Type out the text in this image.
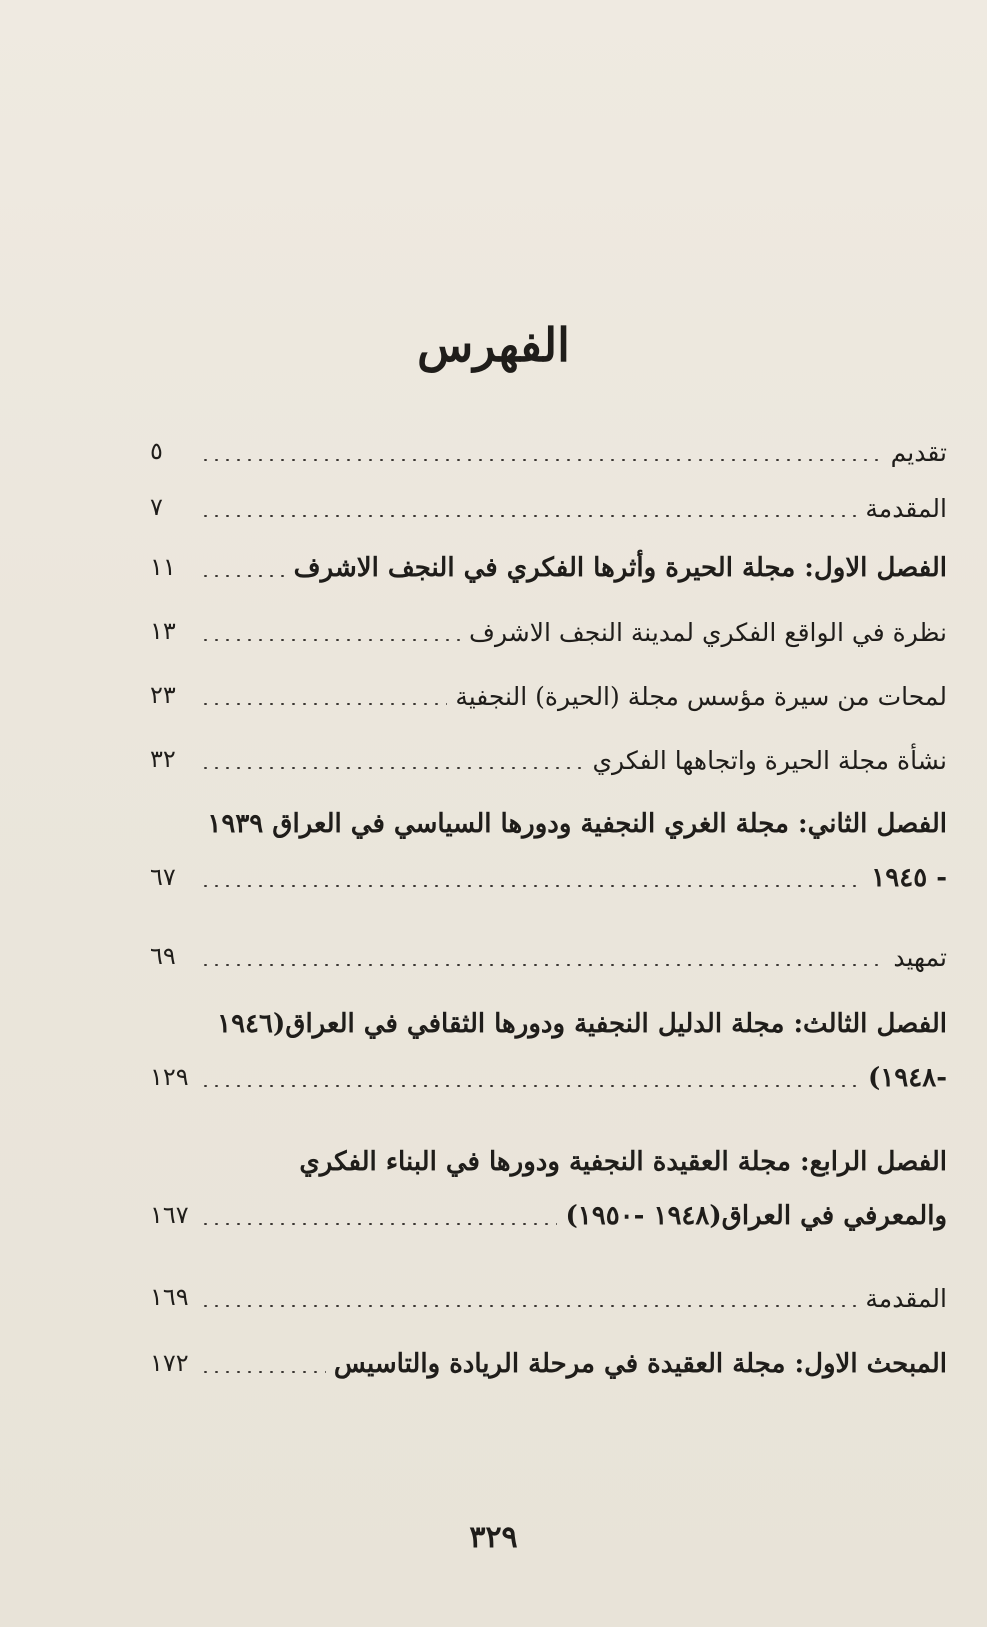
الفهرس
تقديم
٥
المقدمة
٧
الفصل الاول: مجلة الحيرة وأثرها الفكري في النجف الاشرف
١١
نظرة في الواقع الفكري لمدينة النجف الاشرف
١٣
لمحات من سيرة مؤسس مجلة (الحيرة) النجفية
٢٣
نشأة مجلة الحيرة واتجاهها الفكري
٣٢
الفصل الثاني: مجلة الغري النجفية ودورها السياسي في العراق ١٩٣٩
- ١٩٤٥
٦٧
تمهيد
٦٩
الفصل الثالث: مجلة الدليل النجفية ودورها الثقافي في العراق(١٩٤٦
-١٩٤٨)
١٢٩
الفصل الرابع: مجلة العقيدة النجفية ودورها في البناء الفكري
والمعرفي في العراق(١٩٤٨ -١٩٥٠)
١٦٧
المقدمة
١٦٩
المبحث الاول: مجلة العقيدة في مرحلة الريادة والتاسيس
١٧٢
٣٢٩
